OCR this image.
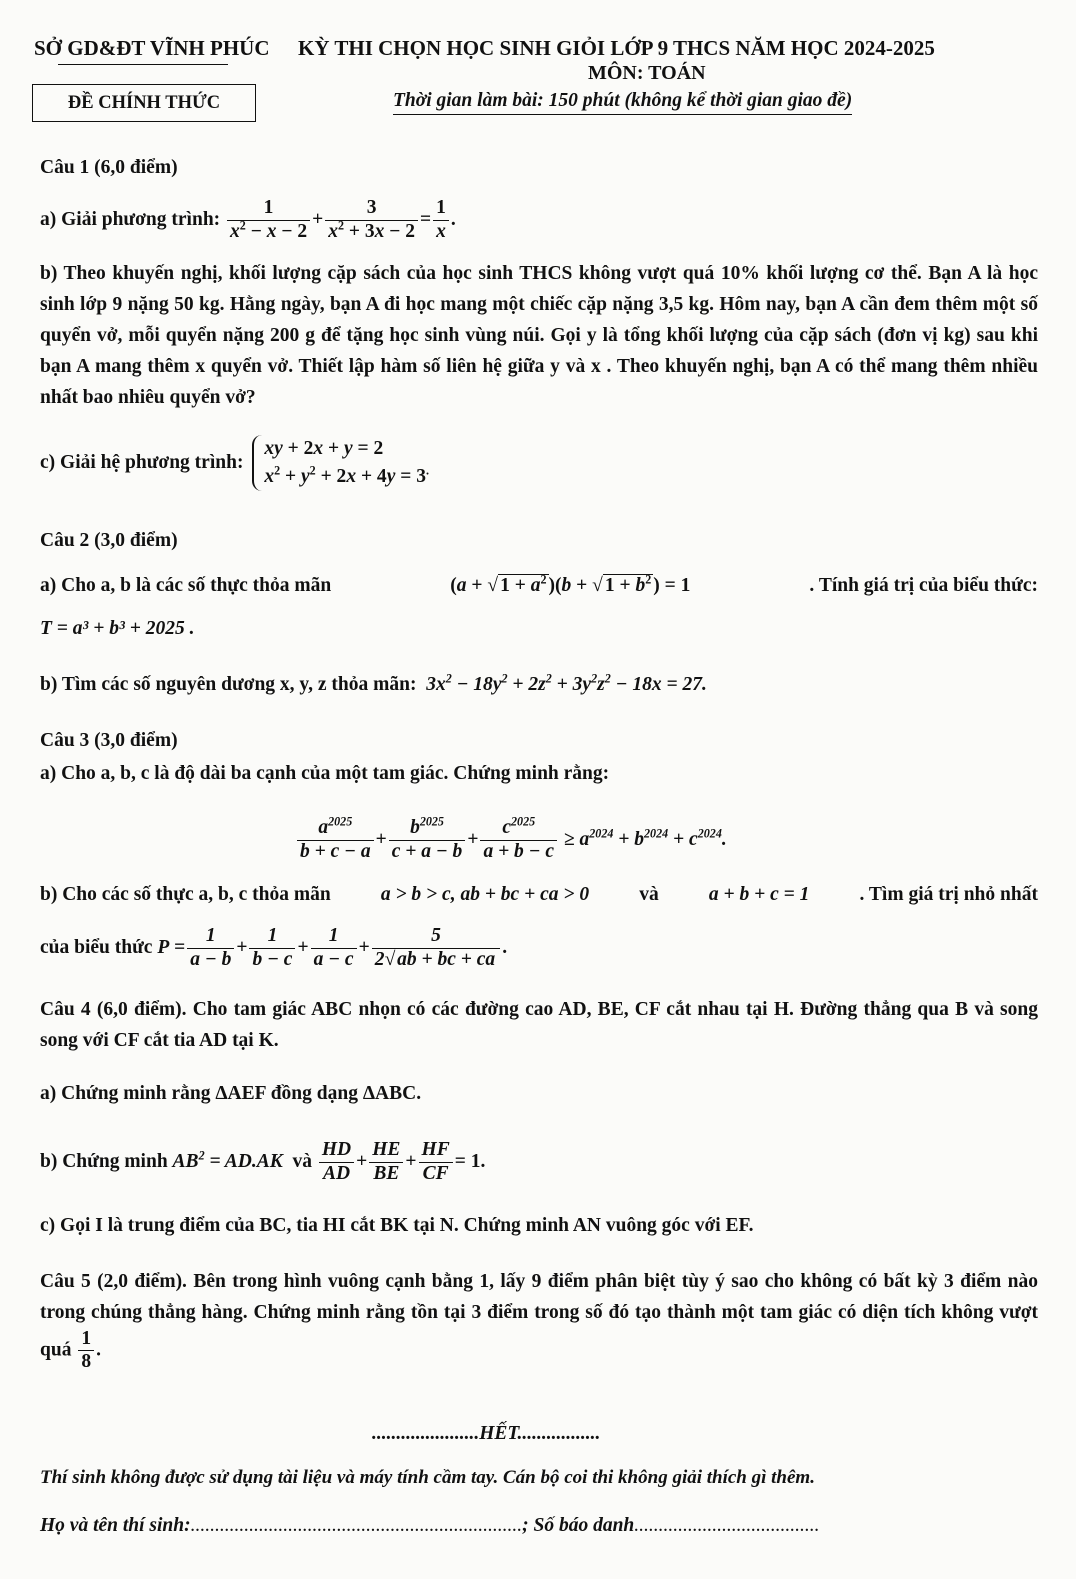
SỞ GD&ĐT VĨNH PHÚC KỲ THI CHỌN HỌC SINH GIỎI LỚP 9 THCS NĂM HỌC 2024-2025
MÔN: TOÁN
ĐỀ CHÍNH THỨC	Thời gian làm bài: 150 phút (không kể thời gian giao đề)
Câu 1 (6,0 điểm)
a) Giải phương trình:
$\frac{1}{x^2 - x - 2} + \frac{3}{x^2 + 3x - 2} = \frac{1}{x}$ .
b) Theo khuyến nghị, khối lượng cặp sách của học sinh THCS không vượt quá 10% khối lượng cơ thể. Bạn A là học sinh lớp 9 nặng 50 kg. Hằng ngày, bạn A đi học mang một chiếc cặp nặng 3,5 kg. Hôm nay, bạn A cần đem thêm một số quyển vở, mỗi quyển nặng 200 g để tặng học sinh vùng núi. Gọi y là tổng khối lượng của cặp sách (đơn vị kg) sau khi bạn A mang thêm x quyển vở. Thiết lập hàm số liên hệ giữa y và x . Theo khuyến nghị, bạn A có thể mang thêm nhiều nhất bao nhiêu quyển vở?
c) Giải hệ phương trình:

xy + 2x + y = 2
$x^2 + y^2 + 2x + 4y = 3^.$
Câu 2 (3,0 điểm)
a) Cho a, b là các số thực thỏa mãn	(a + √ $1 + a^2$ )(b + √ $1 + b^2$ ) = 1	. Tính giá trị của biểu thức:
T = a³ + b³ + 2025 .
b) Tìm các số nguyên dương x, y, z thỏa mãn:  $3x^2 - 18y^2 + 2z^2 + 3y^2z^2 - 18x = 27$.
Câu 3 (3,0 điểm)
a) Cho a, b, c là độ dài ba cạnh của một tam giác. Chứng minh rằng:
$\frac{a^{2025}}{b + c - a} + \frac{b^{2025}}{c + a - b} + \frac{c^{2025}}{a + b - c} \ge a^{2024} + b^{2024} + c^{2024}$.
b) Cho các số thực a, b, c thỏa mãn	a > b > c, ab + bc + ca > 0	và	a + b + c = 1	. Tìm giá trị nhỏ nhất
của biểu thức
$P = \frac{1}{a - b} + \frac{1}{b - c} + \frac{1}{a - c} + \frac{5}{2√ ab + bc + ca}$ .
Câu 4 (6,0 điểm). Cho tam giác ABC nhọn có các đường cao AD, BE, CF cắt nhau tại H. Đường thẳng qua B và song song với CF cắt tia AD tại K.
a) Chứng minh rằng ΔAEF đồng dạng ΔABC.
b) Chứng minh
$AB^2 = AD.AK$
và
$\frac{HD}{AD} + \frac{HE}{BE} + \frac{HF}{CF} = 1$.
c) Gọi I là trung điểm của BC, tia HI cắt BK tại N. Chứng minh AN vuông góc với EF.
Câu 5 (2,0 điểm). Bên trong hình vuông cạnh bằng 1, lấy 9 điểm phân biệt tùy ý sao cho không có bất kỳ 3 điểm nào trong chúng thẳng hàng. Chứng minh rằng tồn tại 3 điểm trong số đó tạo thành một tam giác có diện tích không vượt quá $\frac{1}{8}$ .
......................HẾT.................
Thí sinh không được sử dụng tài liệu và máy tính cầm tay. Cán bộ coi thi không giải thích gì thêm.
Họ và tên thí sinh:....................................................................; Số báo danh......................................
